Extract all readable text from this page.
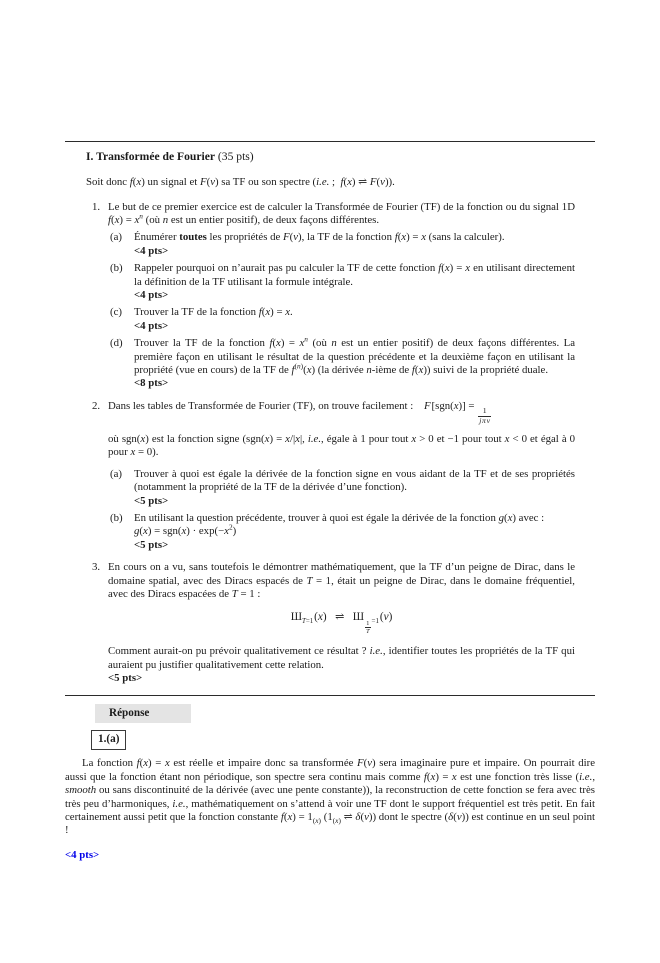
I. Transformée de Fourier (35 pts)

Soit donc f(x) un signal et F(ν) sa TF ou son spectre (i.e. ;  f(x) ⇌ F(ν)).

1. Le but de ce premier exercice est de calculer la Transformée de Fourier (TF) de la fonction ou du signal 1D $f(x) = x^n$ (où n est un entier positif), de deux façons différentes.
(a)	Énumérer toutes les propriétés de F(ν), la TF de la fonction f(x) = x (sans la calculer).
<4 pts>
(b)	Rappeler pourquoi on n’aurait pas pu calculer la TF de cette fonction f(x) = x en utilisant directement la définition de la TF utilisant la formule intégrale.
<4 pts>
(c)	Trouver la TF de la fonction f(x) = x.
<4 pts>
(d)	Trouver la TF de la fonction $f(x) = x^n$ (où n est un entier positif) de deux façons différentes. La première façon en utilisant le résultat de la question précédente et la deuxième façon en utilisant la propriété (vue en cours) de la TF de $f^{(n)}(x)$ (la dérivée n-ième de f(x)) suivi de la propriété duale.
<8 pts>
2. Dans les tables de Transformée de Fourier (TF), on trouve facilement :    F [sgn(x)] =
$\frac{1}{\text{j π ν}}$
où sgn(x) est la fonction signe (sgn(x) = x/|x|, i.e., égale à 1 pour tout x > 0 et −1 pour tout x < 0 et égal à 0 pour x = 0).
(a)	Trouver à quoi est égale la dérivée de la fonction signe en vous aidant de la TF et de ses propriétés (notamment la propriété de la TF de la dérivée d’une fonction).
<5 pts>
(b)	En utilisant la question précédente, trouver à quoi est égale la dérivée de la fonction g(x) avec :
$g(x) = sgn(x) \cdot \exp(-x^2)$
<5 pts>
3. En cours on a vu, sans toutefois le démontrer mathématiquement, que la TF d’un peigne de Dirac, dans le domaine spatial, avec des Diracs espacés de T = 1, était un peigne de Dirac, dans le domaine fréquentiel, avec des Diracs espacées de T = 1 :
$Ш_{T=1}$ (x)   ⇌   Ш
$_{\frac{1}{T} =1}$ (ν)
Comment aurait-on pu prévoir qualitativement ce résultat ? i.e., identifier toutes les propriétés de la TF qui auraient pu justifier qualitativement cette relation.
<5 pts>
Réponse
1.(a)

La fonction f(x) = x est réelle et impaire donc sa transformée F(ν) sera imaginaire pure et impaire. On pourrait dire aussi que la fonction étant non périodique, son spectre sera continu mais comme f(x) = x est une fonction très lisse (i.e., smooth ou sans discontinuité de la dérivée (avec une pente constante)), la reconstruction de cette fonction se fera avec très très peu d’harmoniques, i.e., mathématiquement on s’attend à voir une TF dont le support fréquentiel est très petit. En fait certainement aussi petit que la fonction constante $f(x) = 1_{(x)}$ ($1_{(x)}$ ⇌ δ(ν)) dont le spectre (δ(ν)) est continue en un seul point !

<4 pts>
